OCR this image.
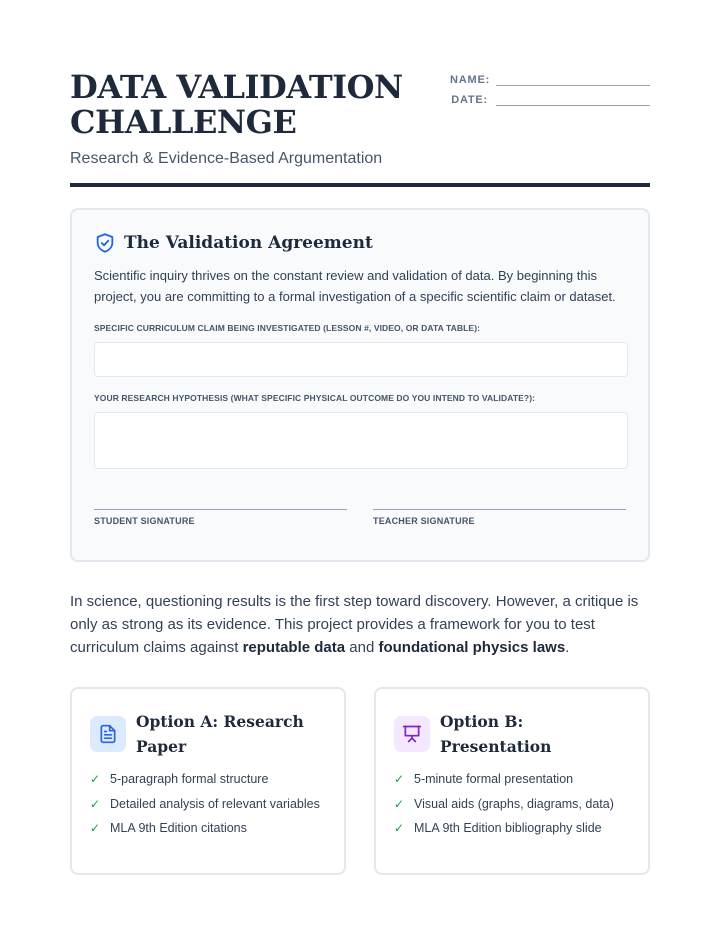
DATA VALIDATION CHALLENGE
Research & Evidence-Based Argumentation
NAME:
DATE:
The Validation Agreement

Scientific inquiry thrives on the constant review and validation of data. By beginning this project, you are committing to a formal investigation of a specific scientific claim or dataset.

SPECIFIC CURRICULUM CLAIM BEING INVESTIGATED (LESSON #, VIDEO, OR DATA TABLE):
YOUR RESEARCH HYPOTHESIS (WHAT SPECIFIC PHYSICAL OUTCOME DO YOU INTEND TO VALIDATE?):
STUDENT SIGNATURE	TEACHER SIGNATURE

In science, questioning results is the first step toward discovery. However, a critique is only as strong as its evidence. This project provides a framework for you to test curriculum claims against reputable data and foundational physics laws.

Option A: Research Paper
✓ 5-paragraph formal structure
✓ Detailed analysis of relevant variables
✓ MLA 9th Edition citations
Option B: Presentation
✓ 5-minute formal presentation
✓ Visual aids (graphs, diagrams, data)
✓ MLA 9th Edition bibliography slide
